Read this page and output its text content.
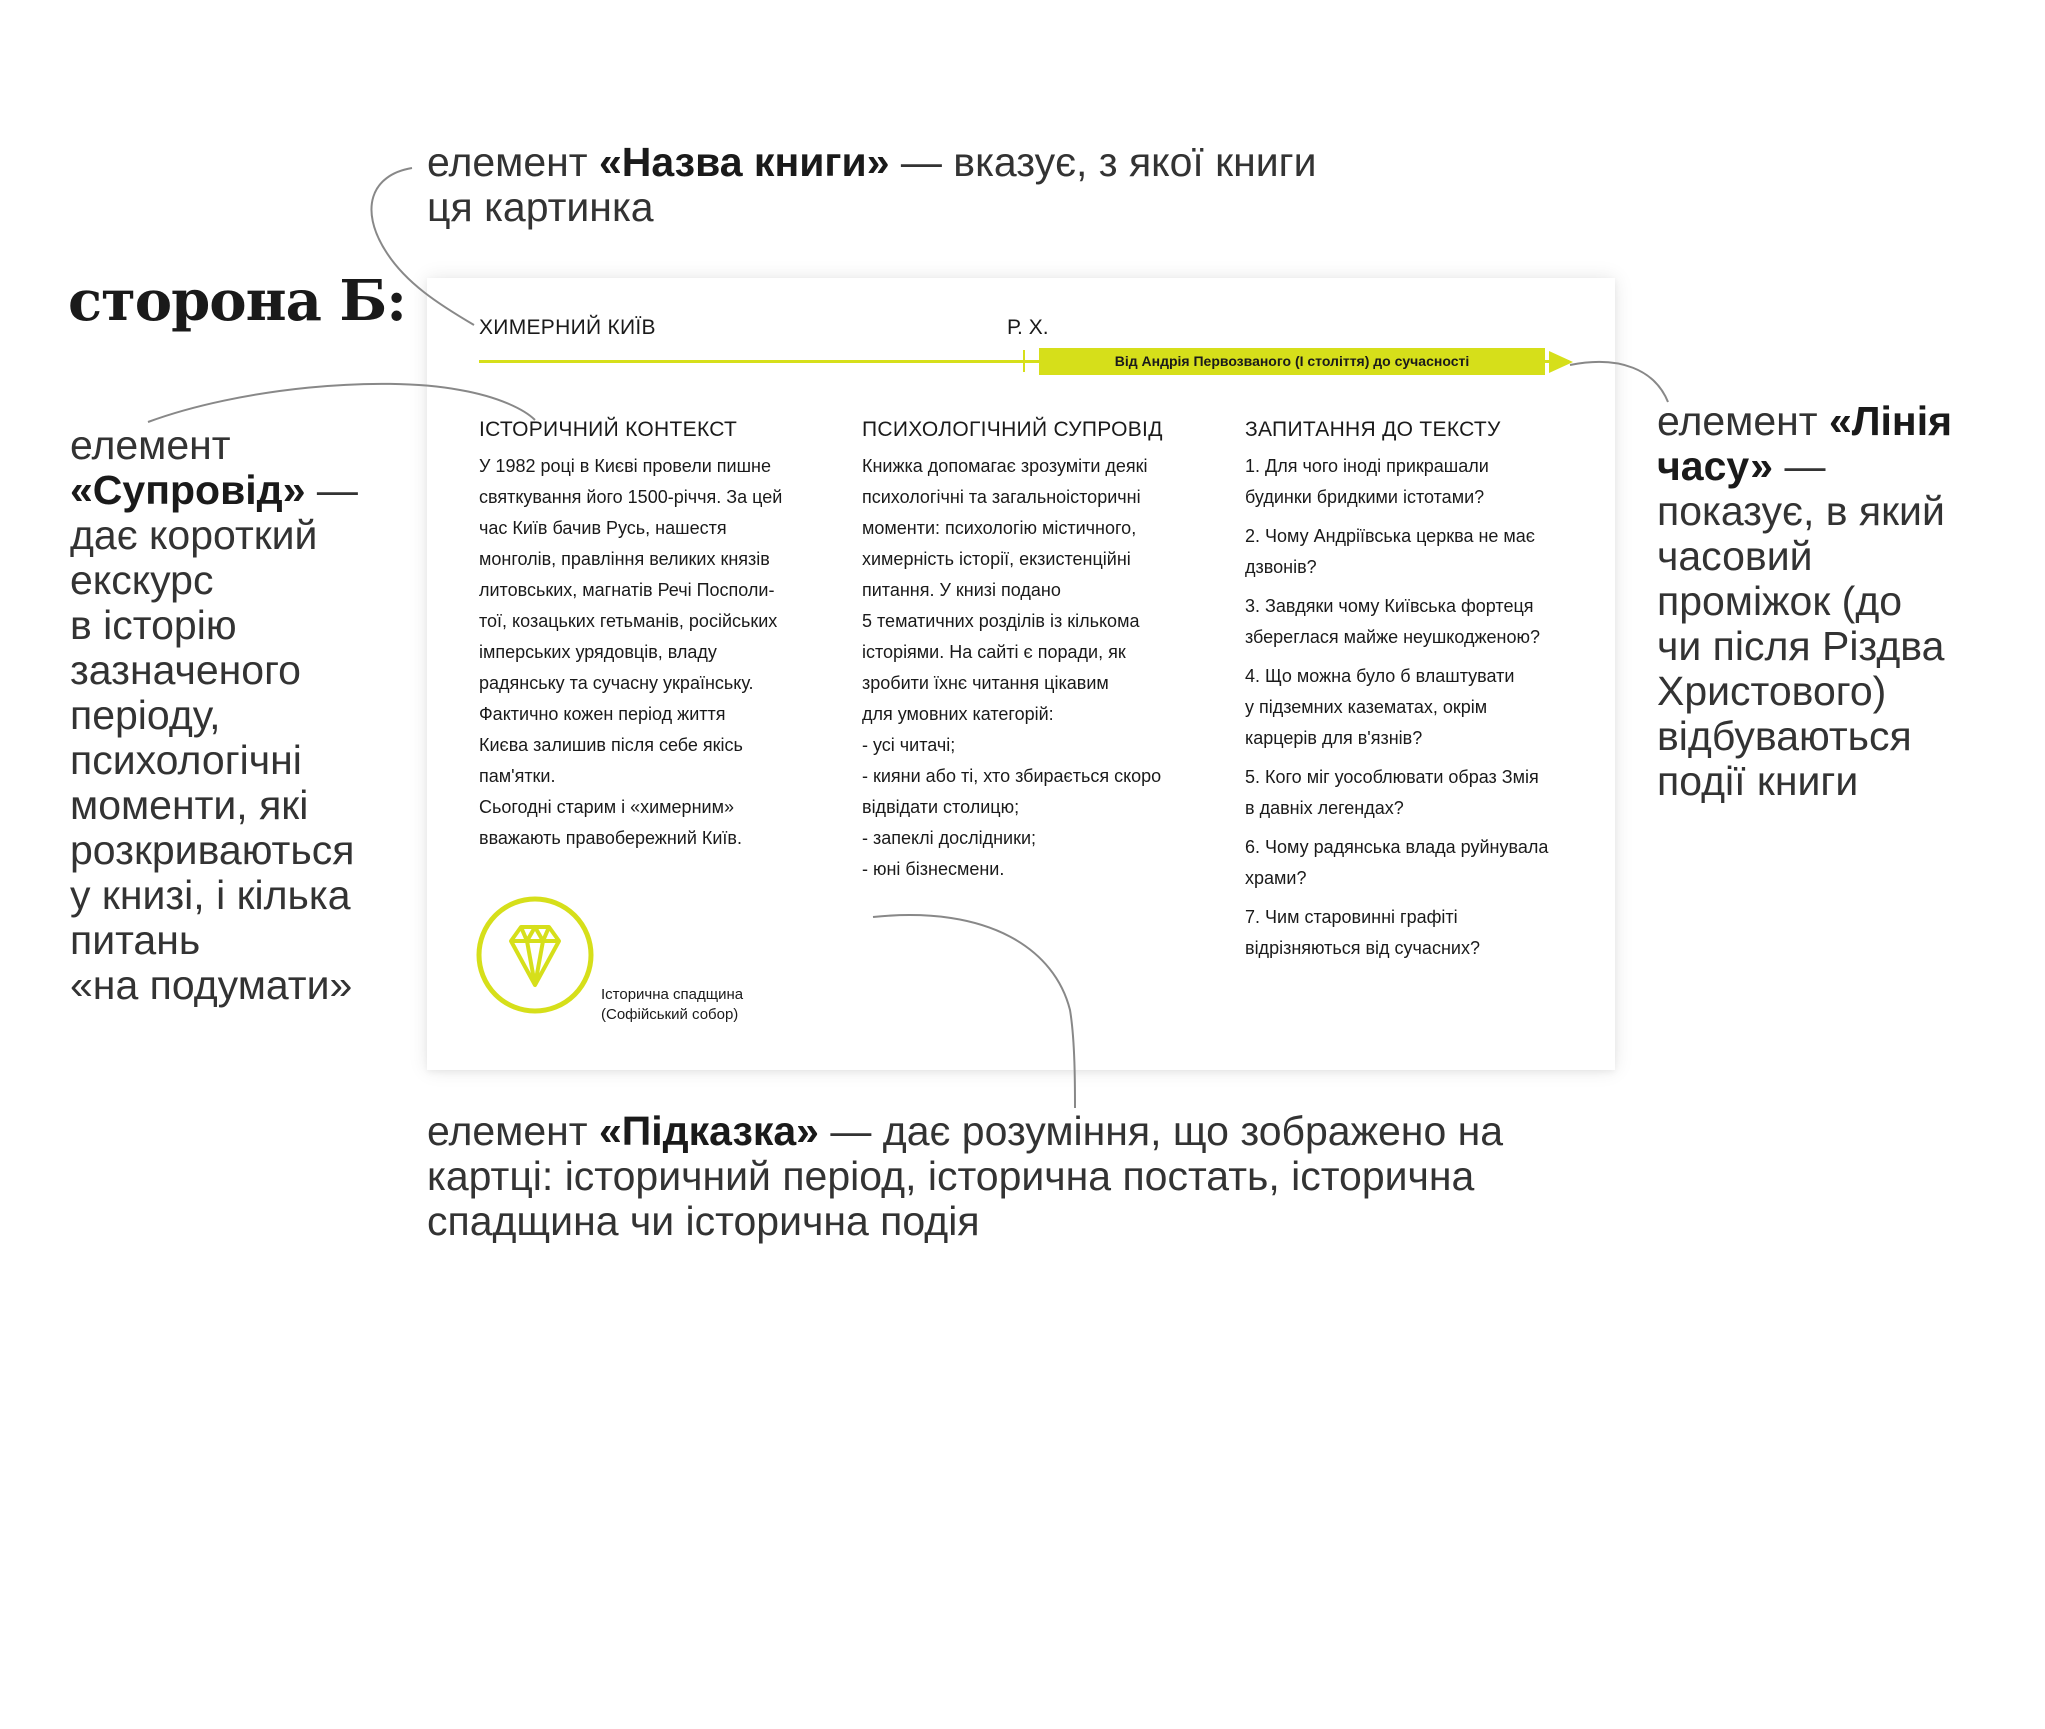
сторона Б:
елемент «Назва книги» — вказує, з якої книги
ця картинка
елемент
«Супровід» —
дає короткий
екскурс
в історію
зазначеного
періоду,
психологічні
моменти, які
розкриваються
у книзі, і кілька
питань
«на подумати»
елемент «Лінія
часу» —
показує, в який
часовий
проміжок (до
чи після Різдва
Христового)
відбуваються
події книги
елемент «Підказка» — дає розуміння, що зображено на
картці: історичний період, історична постать, історична
спадщина чи історична подія
ХИМЕРНИЙ КИЇВ	Р. Х.
Від Андрія Первозваного (І століття) до сучасності
ІСТОРИЧНИЙ КОНТЕКСТ

У 1982 році в Києві провели пишне
святкування його 1500-річчя. За цей
час Київ бачив Русь, нашестя
монголів, правління великих князів
литовських, магнатів Речі Посполи-
тої, козацьких гетьманів, російських
імперських урядовців, владу
радянську та сучасну українську.
Фактично кожен період життя
Києва залишив після себе якісь
пам'ятки.
Сьогодні старим і «химерним»
вважають правобережний Київ.

ПСИХОЛОГІЧНИЙ СУПРОВІД

Книжка допомагає зрозуміти деякі
психологічні та загальноісторичні
моменти: психологію містичного,
химерність історії, екзистенційні
питання. У книзі подано
5 тематичних розділів із кількома
історіями. На сайті є поради, як
зробити їхнє читання цікавим
для умовних категорій:
- усі читачі;
- кияни або ті, хто збирається скоро
відвідати столицю;
- запеклі дослідники;
- юні бізнесмени.

ЗАПИТАННЯ ДО ТЕКСТУ
1. Для чого іноді прикрашали
будинки бридкими істотами?
2. Чому Андріївська церква не має
дзвонів?
3. Завдяки чому Київська фортеця
збереглася майже неушкодженою?
4. Що можна було б влаштувати
у підземних казематах, окрім
карцерів для в'язнів?
5. Кого міг уособлювати образ Змія
в давніх легендах?
6. Чому радянська влада руйнувала
храми?
7. Чим старовинні графіті
відрізняються від сучасних?
Історична спадщина
(Софійський собор)
